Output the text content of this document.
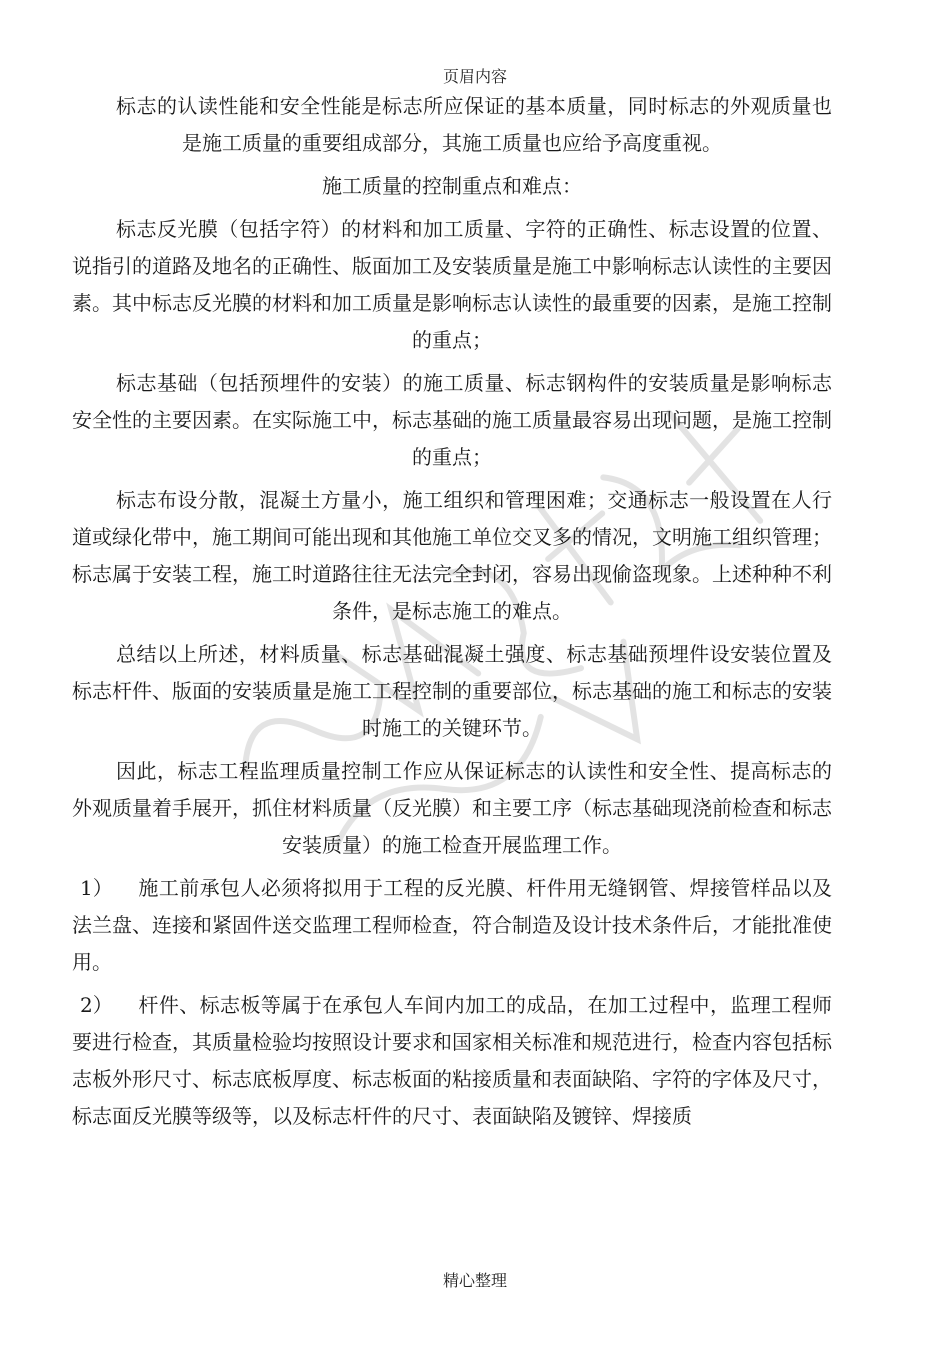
页眉内容

标志的认读性能和安全性能是标志所应保证的基本质量，同时标志的外观质量也是施工质量的重要组成部分，其施工质量也应给予高度重视。

施工质量的控制重点和难点：

标志反光膜（包括字符）的材料和加工质量、字符的正确性、标志设置的位置、说指引的道路及地名的正确性、版面加工及安装质量是施工中影响标志认读性的主要因素。其中标志反光膜的材料和加工质量是影响标志认读性的最重要的因素，是施工控制的重点；

标志基础（包括预埋件的安装）的施工质量、标志钢构件的安装质量是影响标志安全性的主要因素。在实际施工中，标志基础的施工质量最容易出现问题，是施工控制的重点；

标志布设分散，混凝土方量小，施工组织和管理困难；交通标志一般设置在人行道或绿化带中，施工期间可能出现和其他施工单位交叉多的情况，文明施工组织管理；标志属于安装工程，施工时道路往往无法完全封闭，容易出现偷盗现象。上述种种不利条件，是标志施工的难点。

总结以上所述，材料质量、标志基础混凝土强度、标志基础预埋件设安装位置及标志杆件、版面的安装质量是施工工程控制的重要部位，标志基础的施工和标志的安装时施工的关键环节。

因此，标志工程监理质量控制工作应从保证标志的认读性和安全性、提高标志的外观质量着手展开，抓住材料质量（反光膜）和主要工序（标志基础现浇前检查和标志安装质量）的施工检查开展监理工作。

1） 施工前承包人必须将拟用于工程的反光膜、杆件用无缝钢管、焊接管样品以及法兰盘、连接和紧固件送交监理工程师检查，符合制造及设计技术条件后，才能批准使用。

2） 杆件、标志板等属于在承包人车间内加工的成品，在加工过程中，监理工程师要进行检查，其质量检验均按照设计要求和国家相关标准和规范进行，检查内容包括标志板外形尺寸、标志底板厚度、标志板面的粘接质量和表面缺陷、字符的字体及尺寸，标志面反光膜等级等，以及标志杆件的尺寸、表面缺陷及镀锌、焊接质

精心整理
